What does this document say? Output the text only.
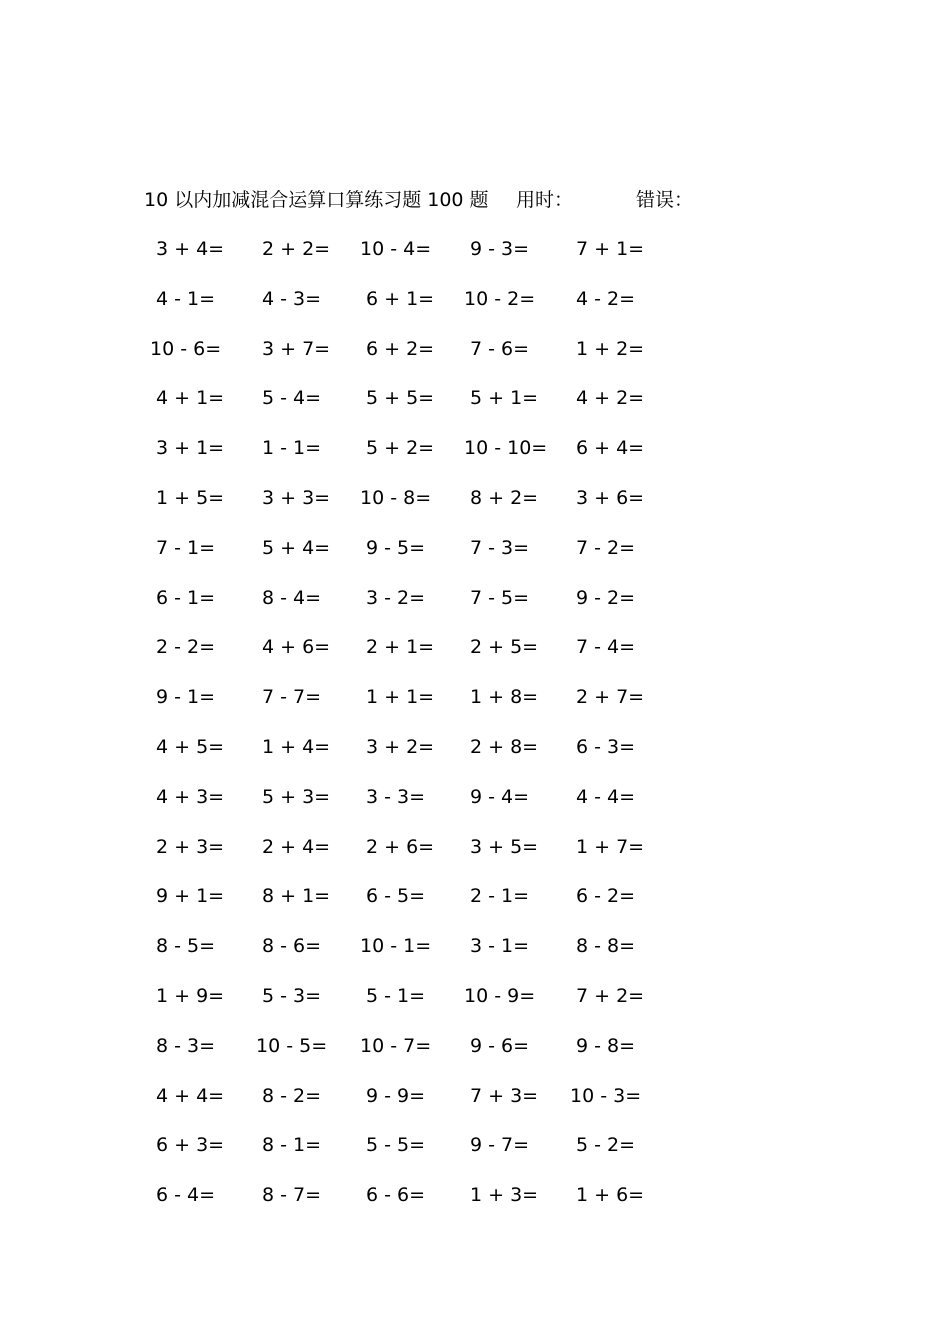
10 以内加减混合运算口算练习题 100 题 用时：	错误：
3 + 4=	2 + 2=	10 - 4=	9 - 3=	7 + 1=
4 - 1=	4 - 3=	6 + 1=	10 - 2=	4 - 2=
10 - 6=	3 + 7=	6 + 2=	7 - 6=	1 + 2=
4 + 1=	5 - 4=	5 + 5=	5 + 1=	4 + 2=
3 + 1=	1 - 1=	5 + 2=	10 - 10=	6 + 4=
1 + 5=	3 + 3=	10 - 8=	8 + 2=	3 + 6=
7 - 1=	5 + 4=	9 - 5=	7 - 3=	7 - 2=
6 - 1=	8 - 4=	3 - 2=	7 - 5=	9 - 2=
2 - 2=	4 + 6=	2 + 1=	2 + 5=	7 - 4=
9 - 1=	7 - 7=	1 + 1=	1 + 8=	2 + 7=
4 + 5=	1 + 4=	3 + 2=	2 + 8=	6 - 3=
4 + 3=	5 + 3=	3 - 3=	9 - 4=	4 - 4=
2 + 3=	2 + 4=	2 + 6=	3 + 5=	1 + 7=
9 + 1=	8 + 1=	6 - 5=	2 - 1=	6 - 2=
8 - 5=	8 - 6=	10 - 1=	3 - 1=	8 - 8=
1 + 9=	5 - 3=	5 - 1=	10 - 9=	7 + 2=
8 - 3=	10 - 5=	10 - 7=	9 - 6=	9 - 8=
4 + 4=	8 - 2=	9 - 9=	7 + 3=	10 - 3=
6 + 3=	8 - 1=	5 - 5=	9 - 7=	5 - 2=
6 - 4=	8 - 7=	6 - 6=	1 + 3=	1 + 6=
